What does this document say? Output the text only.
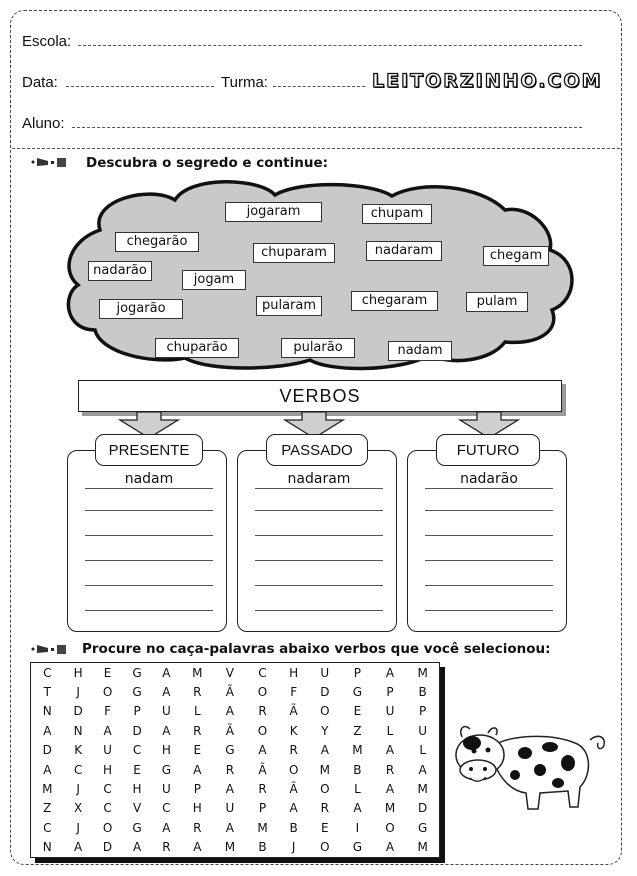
Escola:
Data:	Turma:	LEITORZINHO.COM
Aluno:
Descubra o segredo e continue:
jogaram	chupam
chegarão
chuparam	nadaram	chegam
nadarão
jogam
jogarão	pularam	chegaram	pulam
chuparão	pularão	nadam
VERBOS
PRESENTE	PASSADO	FUTURO
nadam	nadaram	nadarão
Procure no caça-palavras abaixo verbos que você selecionou:
C	H	E	G	A	M	V	C	H	U	P	A	M
T	J	O	G	A	R	Ã	O	F	D	G	P	B
N	D	F	P	U	L	A	R	Ã	O	E	U	P
A	N	A	D	A	R	Ã	O	K	Y	Z	L	U
D	K	U	C	H	E	G	A	R	A	M	A	L
A	C	H	E	G	A	R	Ã	O	M	B	R	A
M	J	C	H	U	P	A	R	Ã	O	L	A	M
Z	X	C	V	C	H	U	P	A	R	A	M	D
C	J	O	G	A	R	A	M	B	E	I	O	G
N	A	D	A	R	A	M	B	J	O	G	A	M
